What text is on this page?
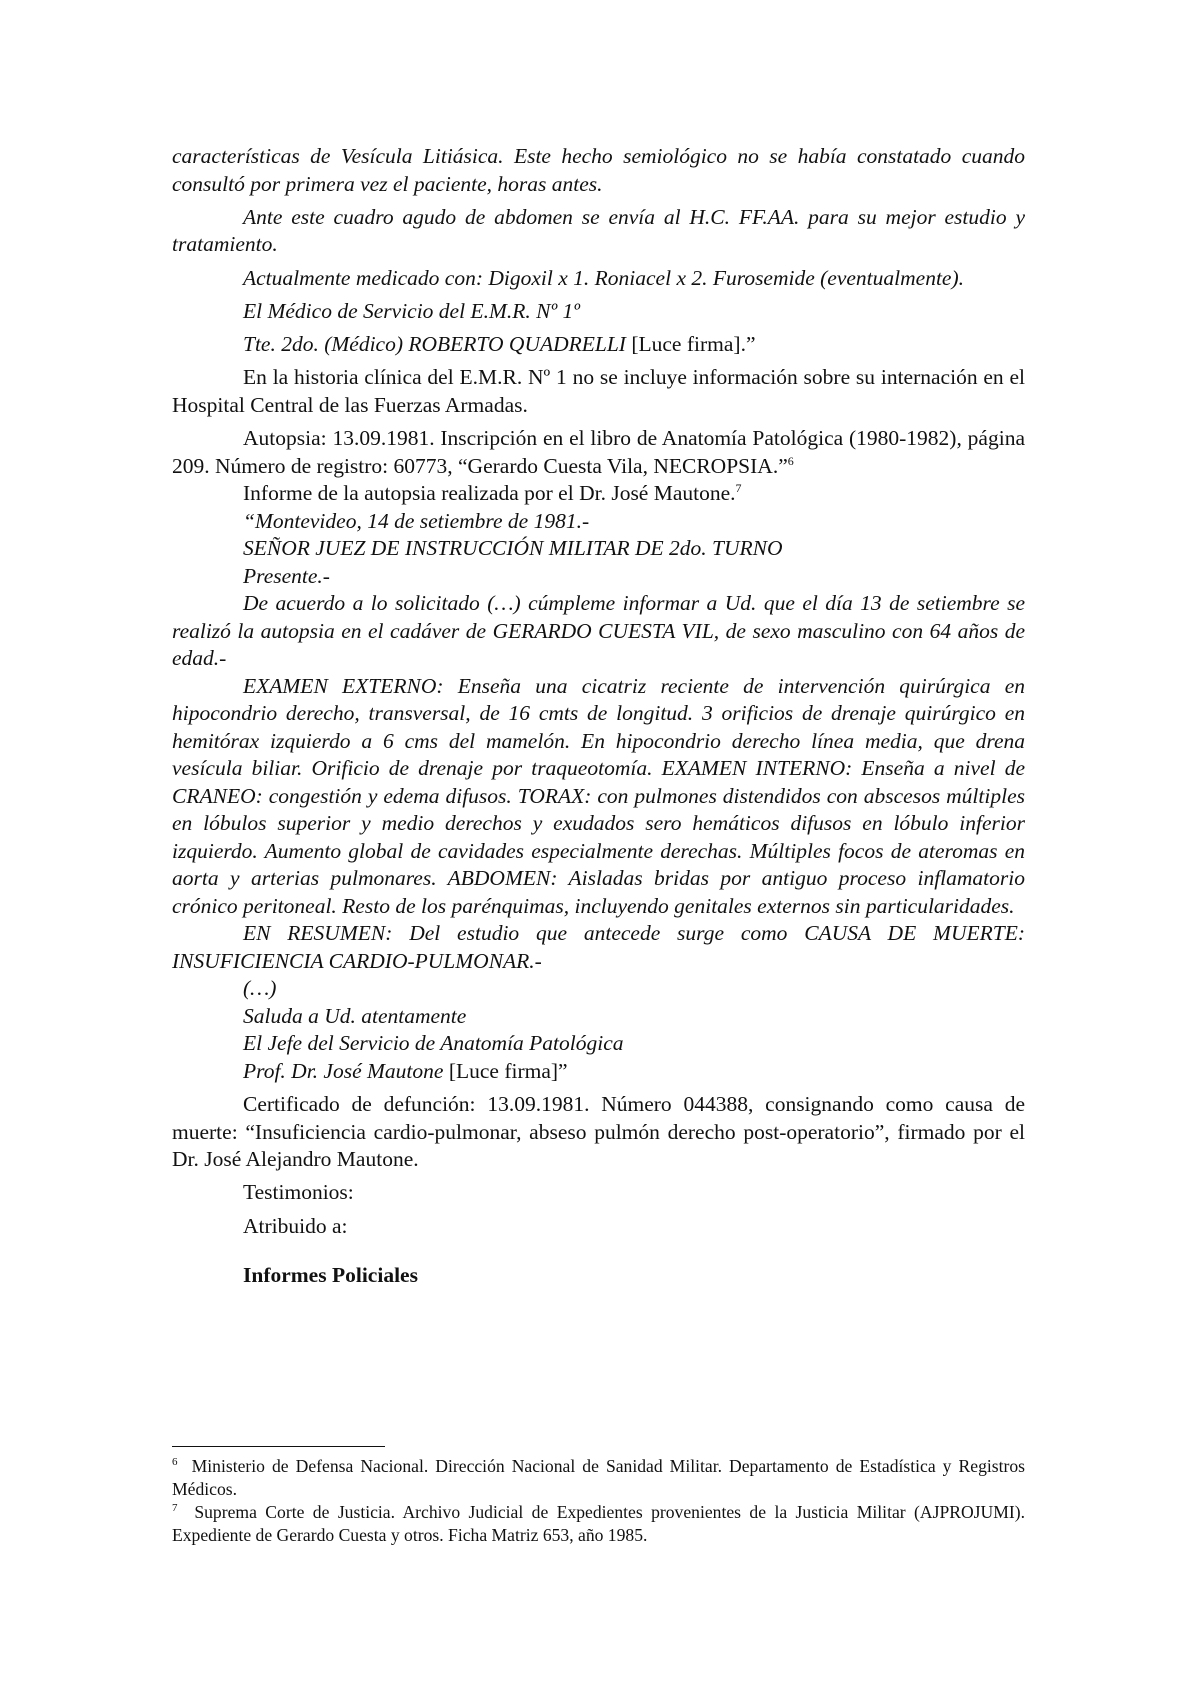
características de Vesícula Litiásica. Este hecho semiológico no se había constatado cuando consultó por primera vez el paciente, horas antes.

Ante este cuadro agudo de abdomen se envía al H.C. FF.AA. para su mejor estudio y tratamiento.

Actualmente medicado con: Digoxil x 1. Roniacel x 2. Furosemide (eventualmente).

El Médico de Servicio del E.M.R. Nº 1º

Tte. 2do. (Médico) ROBERTO QUADRELLI [Luce firma].”

En la historia clínica del E.M.R. Nº 1 no se incluye información sobre su internación en el Hospital Central de las Fuerzas Armadas.

Autopsia: 13.09.1981. Inscripción en el libro de Anatomía Patológica (1980-1982), página 209. Número de registro: 60773, “Gerardo Cuesta Vila, NECROPSIA.”$^6$

Informe de la autopsia realizada por el Dr. José Mautone.$^7$

“Montevideo, 14 de setiembre de 1981.-

SEÑOR JUEZ DE INSTRUCCIÓN MILITAR DE 2do. TURNO

Presente.-

De acuerdo a lo solicitado (…) cúmpleme informar a Ud. que el día 13 de setiembre se realizó la autopsia en el cadáver de GERARDO CUESTA VIL, de sexo masculino con 64 años de edad.-

EXAMEN EXTERNO: Enseña una cicatriz reciente de intervención quirúrgica en hipocondrio derecho, transversal, de 16 cmts de longitud. 3 orificios de drenaje quirúrgico en hemitórax izquierdo a 6 cms del mamelón. En hipocondrio derecho línea media, que drena vesícula biliar. Orificio de drenaje por traqueotomía. EXAMEN INTERNO: Enseña a nivel de CRANEO: congestión y edema difusos. TORAX: con pulmones distendidos con abscesos múltiples en lóbulos superior y medio derechos y exudados sero hemáticos difusos en lóbulo inferior izquierdo. Aumento global de cavidades especialmente derechas. Múltiples focos de ateromas en aorta y arterias pulmonares. ABDOMEN: Aisladas bridas por antiguo proceso inflamatorio crónico peritoneal. Resto de los parénquimas, incluyendo genitales externos sin particularidades.

EN RESUMEN: Del estudio que antecede surge como CAUSA DE MUERTE: INSUFICIENCIA CARDIO-PULMONAR.-

(…)

Saluda a Ud. atentamente

El Jefe del Servicio de Anatomía Patológica

Prof. Dr. José Mautone [Luce firma]”

Certificado de defunción: 13.09.1981. Número 044388, consignando como causa de muerte: “Insuficiencia cardio-pulmonar, abseso pulmón derecho post-operatorio”, firmado por el Dr. José Alejandro Mautone.

Testimonios:

Atribuido a:

Informes Policiales

$^6$ Ministerio de Defensa Nacional. Dirección Nacional de Sanidad Militar. Departamento de Estadística y Registros Médicos.

$^7$ Suprema Corte de Justicia. Archivo Judicial de Expedientes provenientes de la Justicia Militar (AJPROJUMI). Expediente de Gerardo Cuesta y otros. Ficha Matriz 653, año 1985.
